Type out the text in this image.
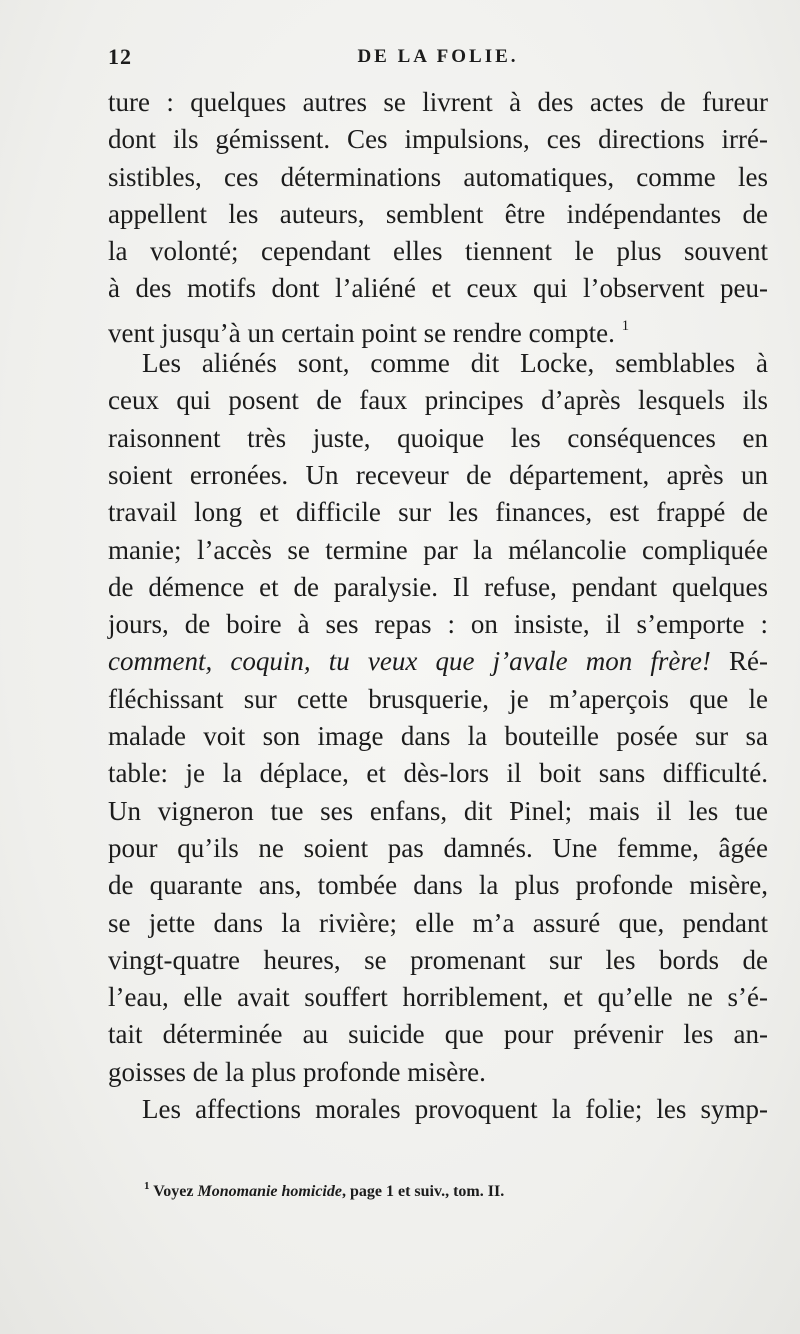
12	DE LA FOLIE.
ture : quelques autres se livrent à des actes de fureur
dont ils gémissent. Ces impulsions, ces directions irré-
sistibles, ces déterminations automatiques, comme les
appellent les auteurs, semblent être indépendantes de
la volonté; cependant elles tiennent le plus souvent
à des motifs dont l’aliéné et ceux qui l’observent peu-
vent jusqu’à un certain point se rendre compte. $^1$
Les aliénés sont, comme dit Locke, semblables à
ceux qui posent de faux principes d’après lesquels ils
raisonnent très juste, quoique les conséquences en
soient erronées. Un receveur de département, après un
travail long et difficile sur les finances, est frappé de
manie; l’accès se termine par la mélancolie compliquée
de démence et de paralysie. Il refuse, pendant quelques
jours, de boire à ses repas : on insiste, il s’emporte :
comment, coquin, tu veux que j’avale mon frère! Ré-
fléchissant sur cette brusquerie, je m’aperçois que le
malade voit son image dans la bouteille posée sur sa
table: je la déplace, et dès-lors il boit sans difficulté.
Un vigneron tue ses enfans, dit Pinel; mais il les tue
pour qu’ils ne soient pas damnés. Une femme, âgée
de quarante ans, tombée dans la plus profonde misère,
se jette dans la rivière; elle m’a assuré que, pendant
vingt-quatre heures, se promenant sur les bords de
l’eau, elle avait souffert horriblement, et qu’elle ne s’é-
tait déterminée au suicide que pour prévenir les an-
goisses de la plus profonde misère.
Les affections morales provoquent la folie; les symp-
$^1$ Voyez Monomanie homicide, page 1 et suiv., tom. II.
